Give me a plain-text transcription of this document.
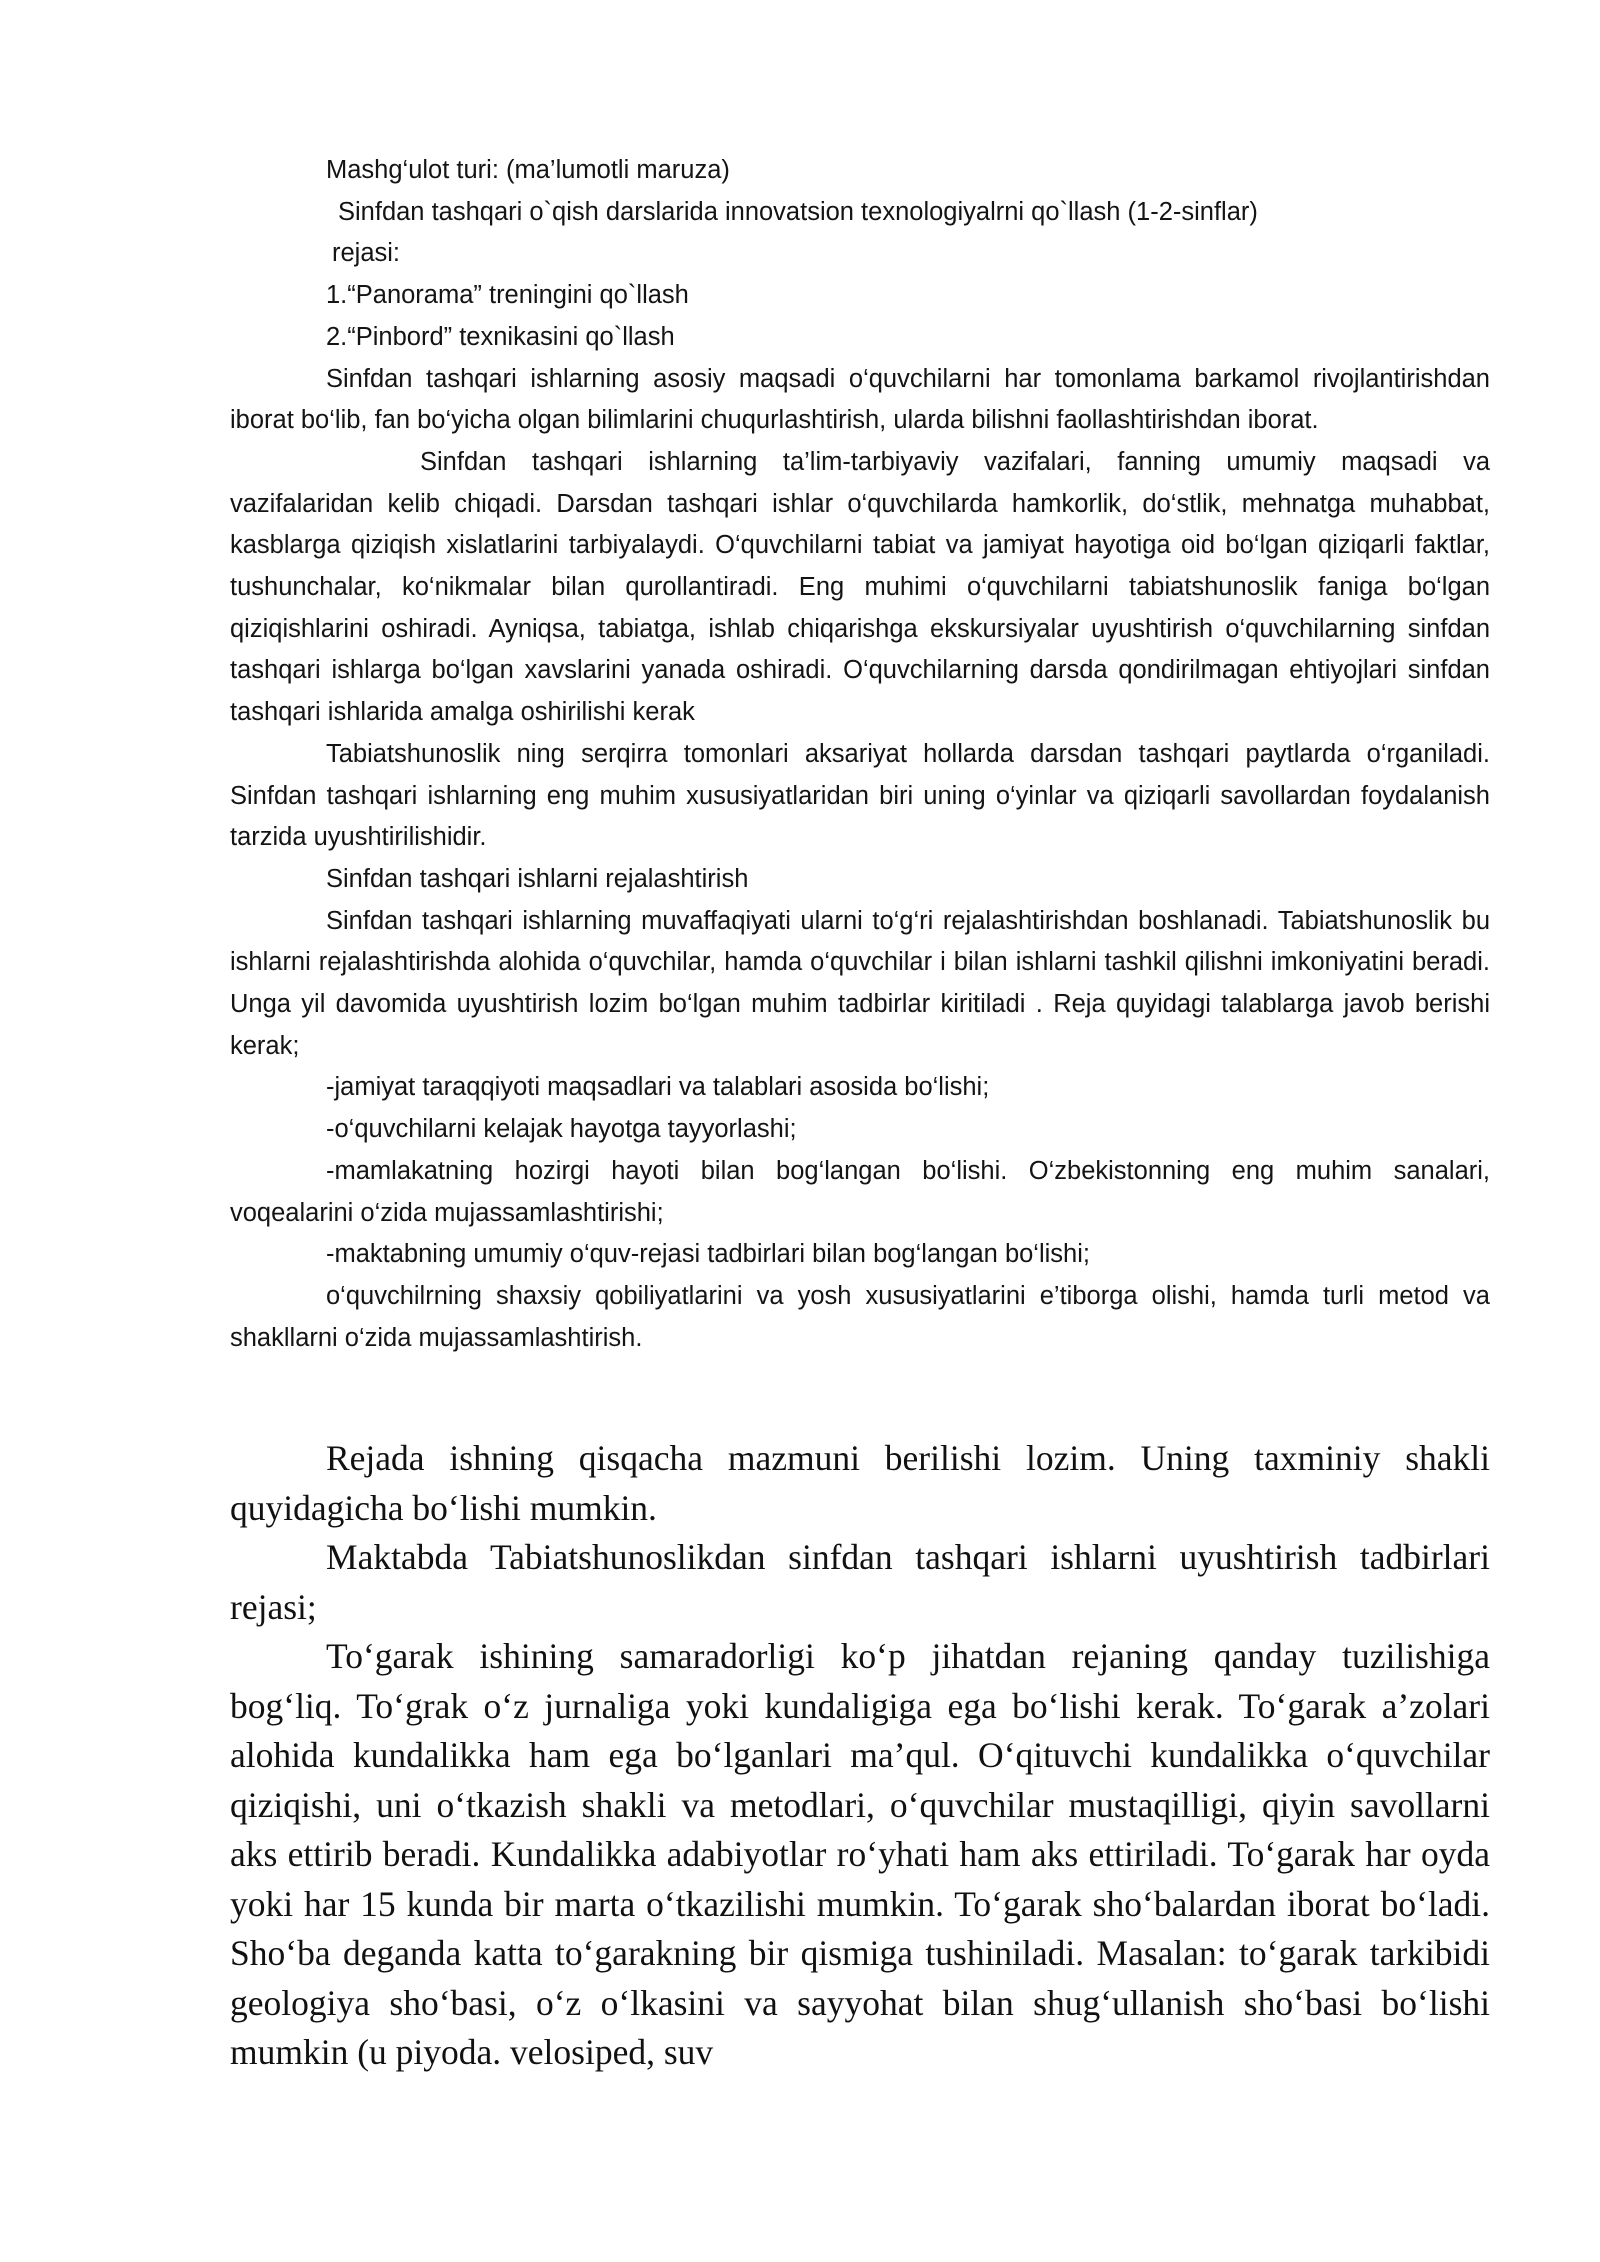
Mashg‘ulot turi: (ma’lumotli maruza)

Sinfdan tashqari o`qish darslarida innovatsion texnologiyalrni qo`llash (1-2-sinflar)

rejasi:

1.“Panorama” treningini qo`llash

2.“Pinbord” texnikasini qo`llash

Sinfdan tashqari ishlarning asosiy maqsadi o‘quvchilarni har tomonlama barkamol rivojlantirishdan iborat bo‘lib, fan bo‘yicha olgan bilimlarini chuqurlashtirish, ularda bilishni faollashtirishdan iborat.

Sinfdan tashqari ishlarning ta’lim-tarbiyaviy vazifalari, fanning umumiy maqsadi va vazifalaridan kelib chiqadi. Darsdan tashqari ishlar o‘quvchilarda hamkorlik, do‘stlik, mehnatga muhabbat, kasblarga qiziqish xislatlarini tarbiyalaydi. O‘quvchilarni tabiat va jamiyat hayotiga oid bo‘lgan qiziqarli faktlar, tushunchalar, ko‘nikmalar bilan qurollantiradi. Eng muhimi o‘quvchilarni tabiatshunoslik faniga bo‘lgan qiziqishlarini oshiradi. Ayniqsa, tabiatga, ishlab chiqarishga ekskursiyalar uyushtirish o‘quvchilarning sinfdan tashqari ishlarga bo‘lgan xavslarini yanada oshiradi. O‘quvchilarning darsda qondirilmagan ehtiyojlari sinfdan tashqari ishlarida amalga oshirilishi kerak

Tabiatshunoslik ning serqirra tomonlari aksariyat hollarda darsdan tashqari paytlarda o‘rganiladi. Sinfdan tashqari ishlarning eng muhim xususiyatlaridan biri uning o‘yinlar va qiziqarli savollardan foydalanish tarzida uyushtirilishidir.

Sinfdan tashqari ishlarni rejalashtirish

Sinfdan tashqari ishlarning muvaffaqiyati ularni to‘g‘ri rejalashtirishdan boshlanadi. Tabiatshunoslik bu ishlarni rejalashtirishda alohida o‘quvchilar, hamda o‘quvchilar i bilan ishlarni tashkil qilishni imkoniyatini beradi. Unga yil davomida uyushtirish lozim bo‘lgan muhim tadbirlar kiritiladi . Reja quyidagi talablarga javob berishi kerak;

-jamiyat taraqqiyoti maqsadlari va talablari asosida bo‘lishi;

-o‘quvchilarni kelajak hayotga tayyorlashi;

-mamlakatning hozirgi hayoti bilan bog‘langan bo‘lishi. O‘zbekistonning eng muhim sanalari, voqealarini o‘zida mujassamlashtirishi;

-maktabning umumiy o‘quv-rejasi tadbirlari bilan bog‘langan bo‘lishi;

o‘quvchilrning shaxsiy qobiliyatlarini va yosh xususiyatlarini e’tiborga olishi, hamda turli metod va shakllarni o‘zida mujassamlashtirish.

Rejada ishning qisqacha mazmuni berilishi lozim. Uning taxminiy shakli quyidagicha bo‘lishi mumkin.

Maktabda Tabiatshunoslikdan sinfdan tashqari ishlarni uyushtirish tadbirlari rejasi;

To‘garak ishining samaradorligi ko‘p jihatdan rejaning qanday tuzilishiga bog‘liq. To‘grak o‘z jurnaliga yoki kundaligiga ega bo‘lishi kerak. To‘garak a’zolari alohida kundalikka ham ega bo‘lganlari ma’qul. O‘qituvchi kundalikka o‘quvchilar qiziqishi, uni o‘tkazish shakli va metodlari, o‘quvchilar mustaqilligi, qiyin savollarni aks ettirib beradi. Kundalikka adabiyotlar ro‘yhati ham aks ettiriladi. To‘garak har oyda yoki har 15 kunda bir marta o‘tkazilishi mumkin. To‘garak sho‘balardan iborat bo‘ladi. Sho‘ba deganda katta to‘garakning bir qismiga tushiniladi. Masalan: to‘garak tarkibidi geologiya sho‘basi, o‘z o‘lkasini va sayyohat bilan shug‘ullanish sho‘basi bo‘lishi mumkin (u piyoda. velosiped, suv
